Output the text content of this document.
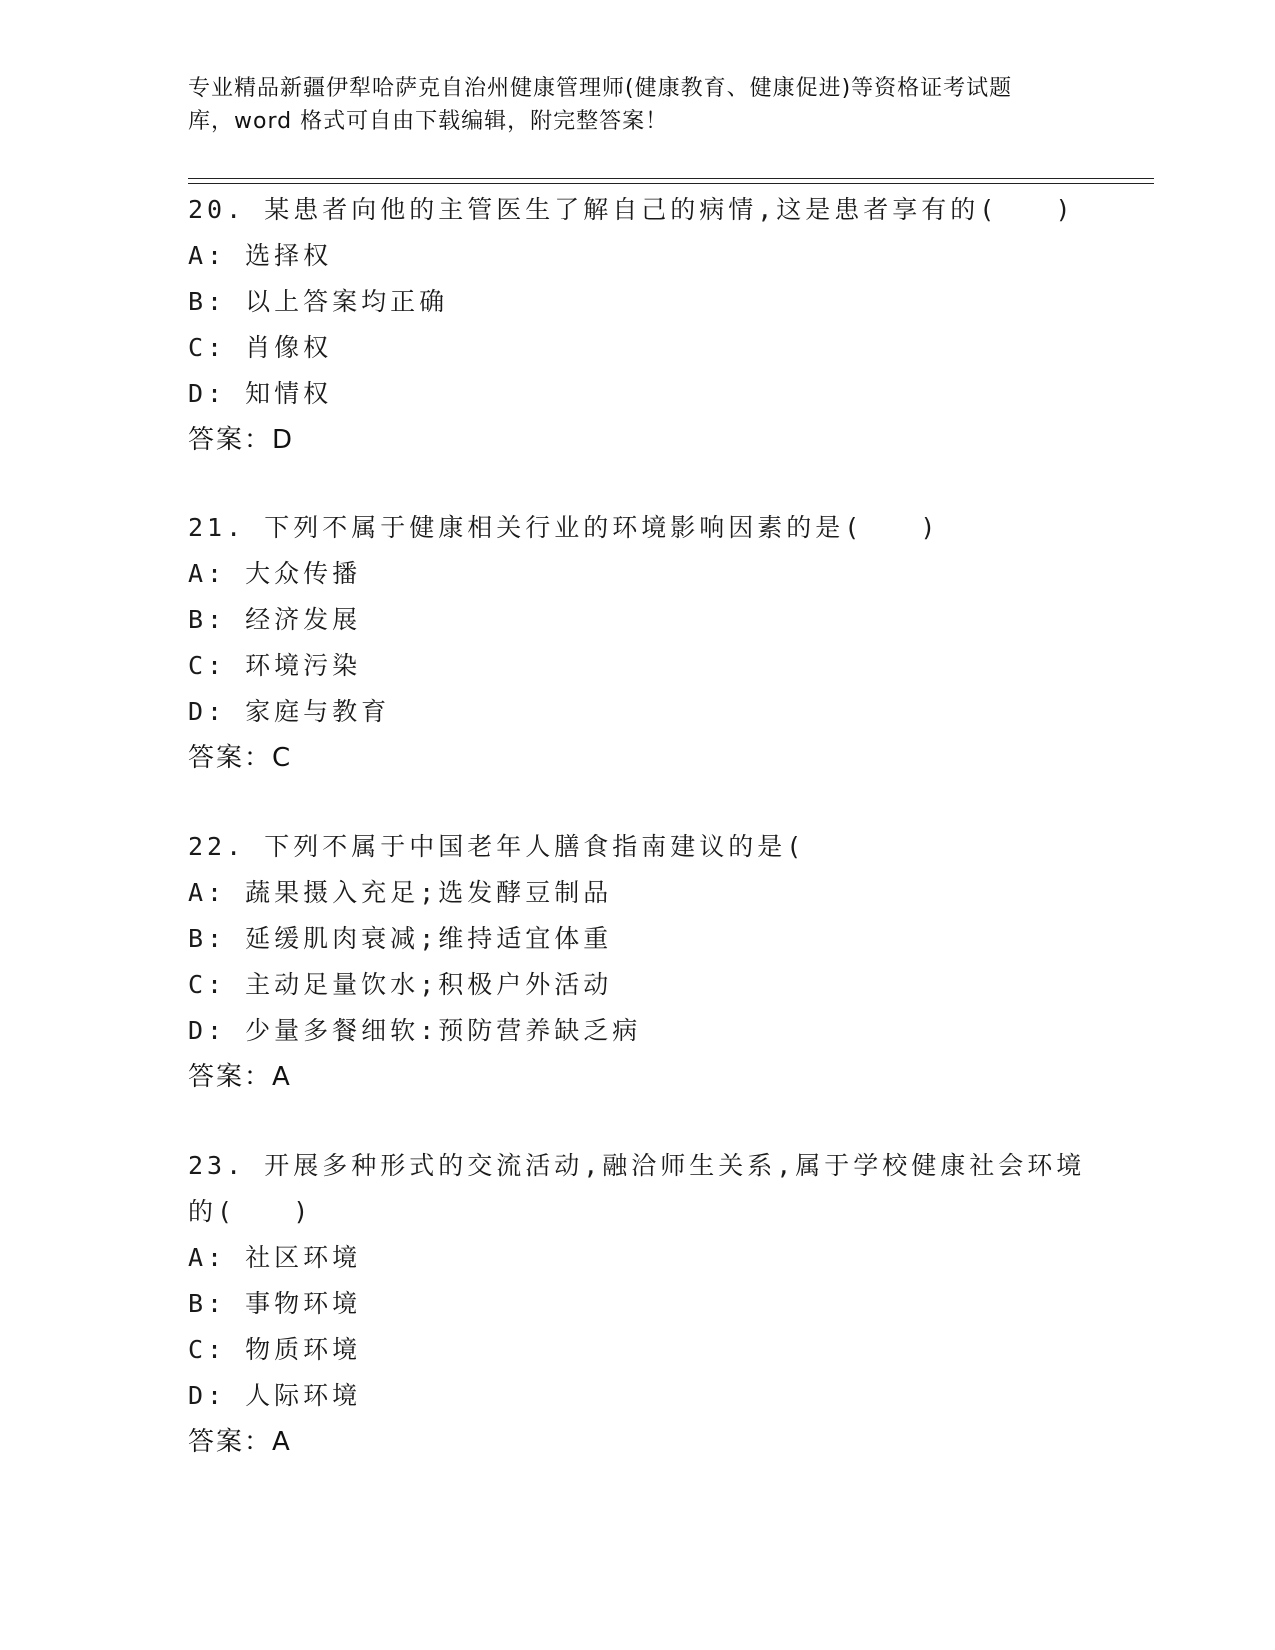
专业精品新疆伊犁哈萨克自治州健康管理师(健康教育、健康促进)等资格证考试题
库，word 格式可自由下载编辑，附完整答案！
20. 某患者向他的主管医生了解自己的病情,这是患者享有的(   )
A: 选择权
B: 以上答案均正确
C: 肖像权
D: 知情权
答案：D
21. 下列不属于健康相关行业的环境影响因素的是(   )
A: 大众传播
B: 经济发展
C: 环境污染
D: 家庭与教育
答案：C
22. 下列不属于中国老年人膳食指南建议的是(
A: 蔬果摄入充足;选发酵豆制品
B: 延缓肌肉衰减;维持适宜体重
C: 主动足量饮水;积极户外活动
D: 少量多餐细软:预防营养缺乏病
答案：A
23. 开展多种形式的交流活动,融洽师生关系,属于学校健康社会环境的(   )
A: 社区环境
B: 事物环境
C: 物质环境
D: 人际环境
答案：A
